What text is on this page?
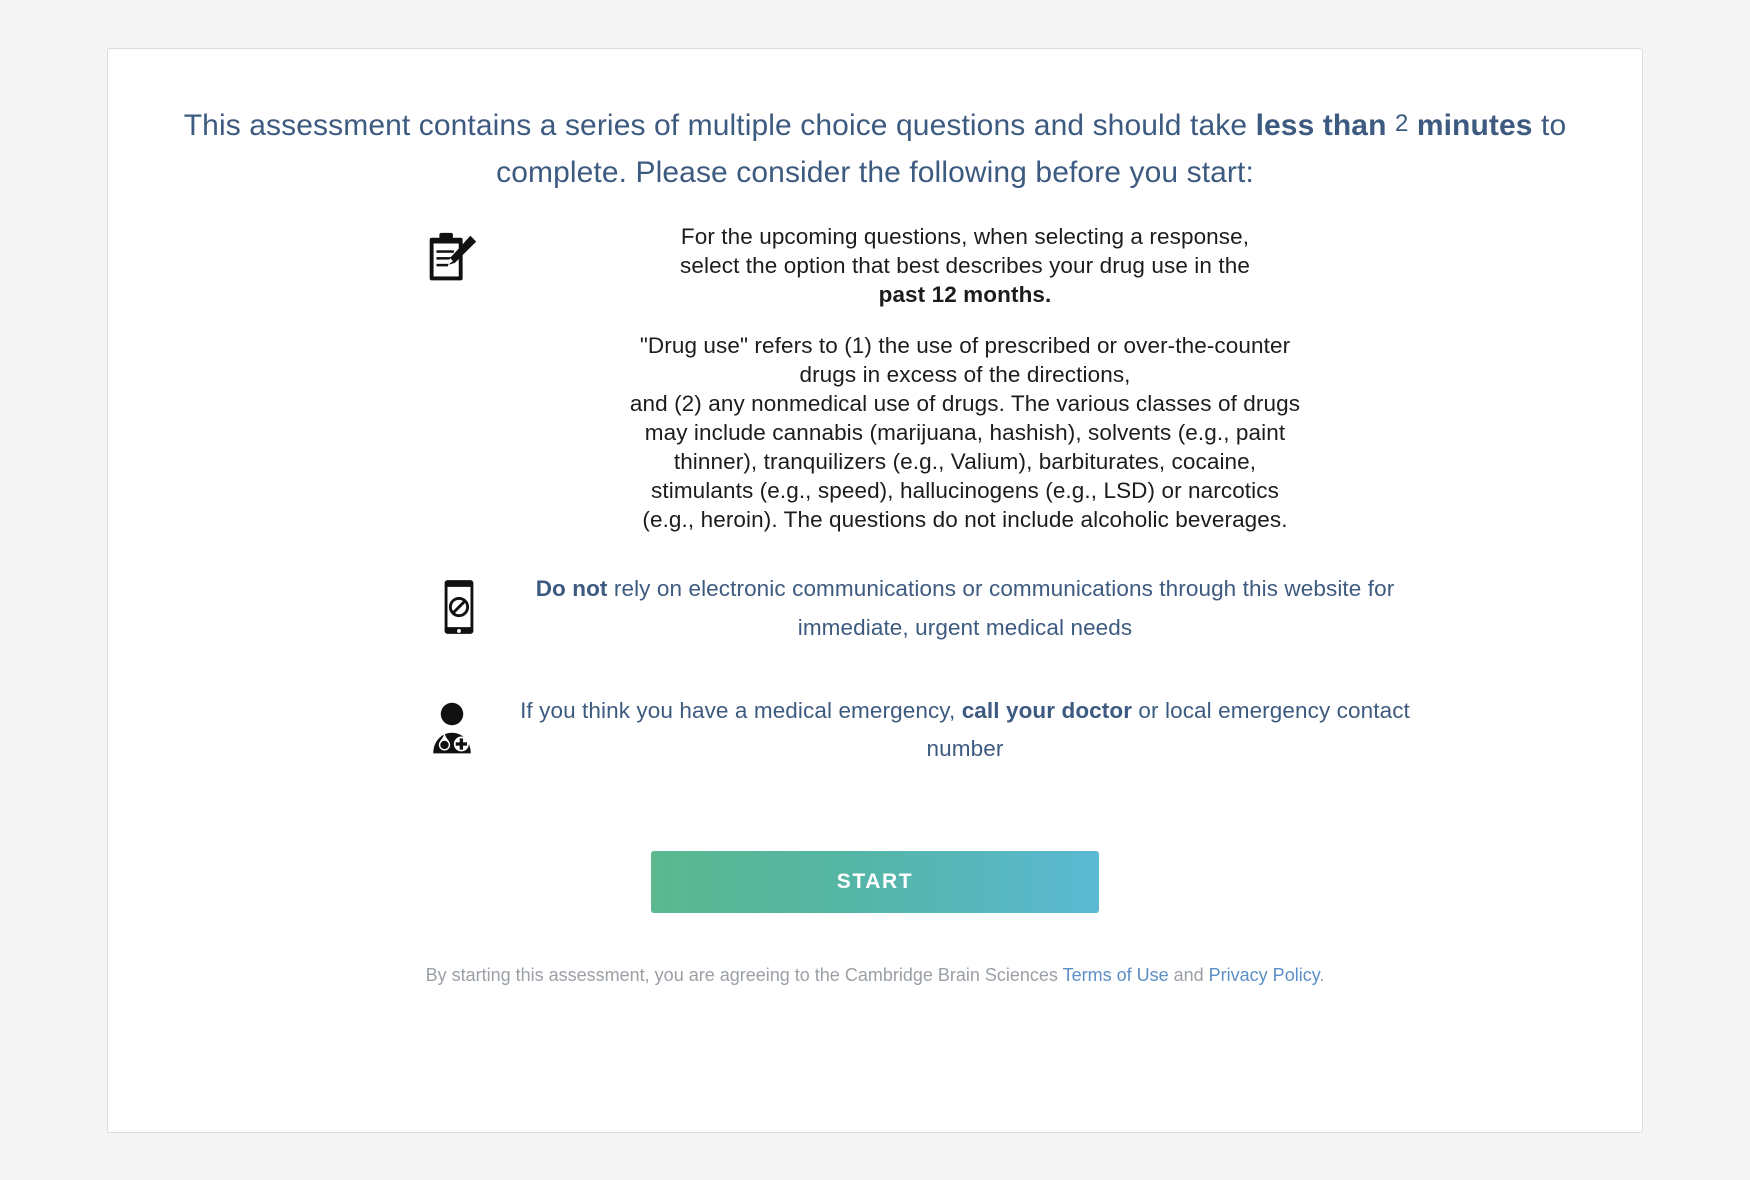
This assessment contains a series of multiple choice questions and should take less than 2 minutes to complete. Please consider the following before you start:

For the upcoming questions, when selecting a response,
select the option that best describes your drug use in the
past 12 months.

"Drug use" refers to (1) the use of prescribed or over-the-counter
drugs in excess of the directions,
and (2) any nonmedical use of drugs. The various classes of drugs
may include cannabis (marijuana, hashish), solvents (e.g., paint
thinner), tranquilizers (e.g., Valium), barbiturates, cocaine,
stimulants (e.g., speed), hallucinogens (e.g., LSD) or narcotics
(e.g., heroin). The questions do not include alcoholic beverages.

Do not rely on electronic communications or communications through this website for immediate, urgent medical needs
If you think you have a medical emergency, call your doctor or local emergency contact number
START
By starting this assessment, you are agreeing to the Cambridge Brain Sciences Terms of Use and Privacy Policy.
